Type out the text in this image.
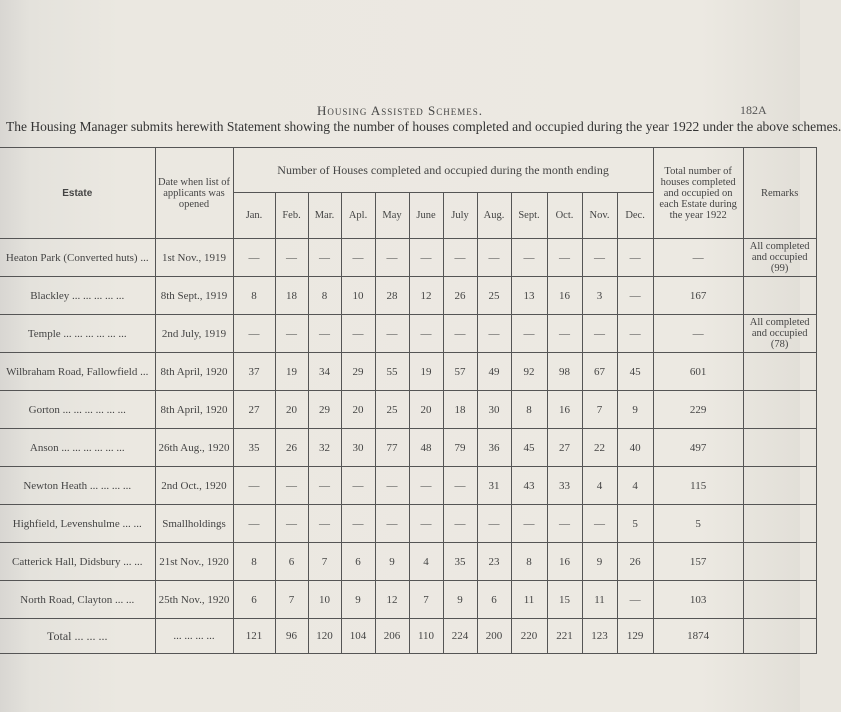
Housing Assisted Schemes.	182A
The Housing Manager submits herewith Statement showing the number of houses completed and occupied during the year 1922 under the above schemes.
Estate	Date when list of applicants was opened	Number of Houses completed and occupied during the month ending												Total number of houses completed and occupied on each Estate during the year 1922	Remarks
		Jan.	Feb.	Mar.	Apl.	May	June	July	Aug.	Sept.	Oct.	Nov.	Dec.		
Heaton Park (Converted huts) ...	1st Nov., 1919	—	—	—	—	—	—	—	—	—	—	—	—	—	All completed and occupied (99)
Blackley ... ... ... ... ...	8th Sept., 1919	8	18	8	10	28	12	26	25	13	16	3	—	167	
Temple ... ... ... ... ... ...	2nd July, 1919	—	—	—	—	—	—	—	—	—	—	—	—	—	All completed and occupied (78)
Wilbraham Road, Fallowfield ...	8th April, 1920	37	19	34	29	55	19	57	49	92	98	67	45	601	
Gorton ... ... ... ... ... ...	8th April, 1920	27	20	29	20	25	20	18	30	8	16	7	9	229	
Anson ... ... ... ... ... ...	26th Aug., 1920	35	26	32	30	77	48	79	36	45	27	22	40	497	
Newton Heath ... ... ... ...	2nd Oct., 1920	—	—	—	—	—	—	—	31	43	33	4	4	115	
Highfield, Levenshulme ... ...	Smallholdings	—	—	—	—	—	—	—	—	—	—	—	5	5	
Catterick Hall, Didsbury ... ...	21st Nov., 1920	8	6	7	6	9	4	35	23	8	16	9	26	157	
North Road, Clayton ... ...	25th Nov., 1920	6	7	10	9	12	7	9	6	11	15	11	—	103	
Total ... ... ...	... ... ... ...	121	96	120	104	206	110	224	200	220	221	123	129	1874	
